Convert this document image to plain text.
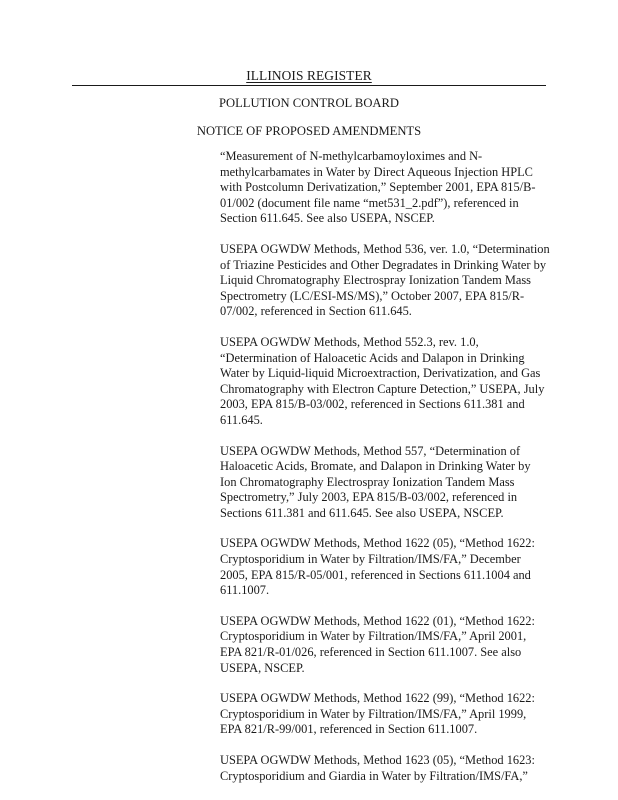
ILLINOIS REGISTER
POLLUTION CONTROL BOARD
NOTICE OF PROPOSED AMENDMENTS
“Measurement of N-methylcarbamoyloximes and N-methylcarbamates in Water by Direct Aqueous Injection HPLC with Postcolumn Derivatization,” September 2001, EPA 815/B-01/002 (document file name “met531_2.pdf”), referenced in Section 611.645. See also USEPA, NSCEP.
USEPA OGWDW Methods, Method 536, ver. 1.0, “Determination of Triazine Pesticides and Other Degradates in Drinking Water by Liquid Chromatography Electrospray Ionization Tandem Mass Spectrometry (LC/ESI-MS/MS),” October 2007, EPA 815/R-07/002, referenced in Section 611.645.
USEPA OGWDW Methods, Method 552.3, rev. 1.0, “Determination of Haloacetic Acids and Dalapon in Drinking Water by Liquid-liquid Microextraction, Derivatization, and Gas Chromatography with Electron Capture Detection,” USEPA, July 2003, EPA 815/B-03/002, referenced in Sections 611.381 and 611.645.
USEPA OGWDW Methods, Method 557, “Determination of Haloacetic Acids, Bromate, and Dalapon in Drinking Water by Ion Chromatography Electrospray Ionization Tandem Mass Spectrometry,” July 2003, EPA 815/B-03/002, referenced in Sections 611.381 and 611.645. See also USEPA, NSCEP.
USEPA OGWDW Methods, Method 1622 (05), “Method 1622: Cryptosporidium in Water by Filtration/IMS/FA,” December 2005, EPA 815/R-05/001, referenced in Sections 611.1004 and 611.1007.
USEPA OGWDW Methods, Method 1622 (01), “Method 1622: Cryptosporidium in Water by Filtration/IMS/FA,” April 2001, EPA 821/R-01/026, referenced in Section 611.1007. See also USEPA, NSCEP.
USEPA OGWDW Methods, Method 1622 (99), “Method 1622: Cryptosporidium in Water by Filtration/IMS/FA,” April 1999, EPA 821/R-99/001, referenced in Section 611.1007.
USEPA OGWDW Methods, Method 1623 (05), “Method 1623: Cryptosporidium and Giardia in Water by Filtration/IMS/FA,”
